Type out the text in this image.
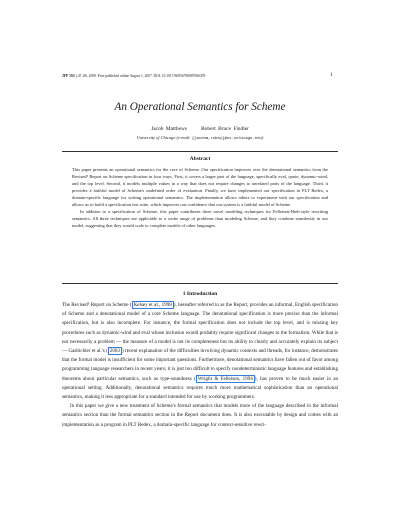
JFP 19(1):47–86, 2008. First published online August 1, 2007. DOI: 10.1017/S0956796807006478	1
An Operational Semantics for Scheme
Jacob Matthews	Robert Bruce Findler
University of Chicago (e-mail: {jacobm,robby}@cs.uchicago.edu)
Abstract

This paper presents an operational semantics for the core of Scheme. Our specification improves over the denotational semantics from the Revised⁵ Report on Scheme specification in four ways. First, it covers a larger part of the language, specifically eval, quote, dynamic-wind, and the top level. Second, it models multiple values in a way that does not require changes to unrelated parts of the language. Third, it provides a faithful model of Scheme's undefined order of evaluation. Finally, we have implemented our specification in PLT Redex, a domain-specific language for writing operational semantics. The implementation allows others to experiment with our specification and allows us to build a specification test suite, which improves our confidence that our system is a faithful model of Scheme.

In addition to a specification of Scheme, this paper contributes three novel modeling techniques for Felleisen-Hieb-style rewriting semantics. All three techniques are applicable to a wider range of problems than modeling Scheme, and they combine seamlessly in our model, suggesting that they would scale to complete models of other languages.

1 Introduction

The Revised⁵ Report on Scheme ( Kelsey et al., 1998 ), hereafter referred to as the Report, provides an informal, English specification of Scheme and a denotational model of a core Scheme language. The denotational specification is more precise than the informal specification, but is also incomplete. For instance, the formal specification does not include the top level, and is missing key procedures such as dynamic-wind and eval whose inclusion would probably require significant changes to the formalism. While that is not necessarily a problem — the measure of a model is not its completeness but its ability to clearly and accurately explain its subject — Gasbichler et al.'s ( 2003 ) recent explanation of the difficulties involving dynamic contexts and threads, for instance, demonstrates that the formal model is insufficient for some important questions. Furthermore, denotational semantics have fallen out of favor among programming language researchers in recent years; it is just too difficult to specify nondeterministic language features and establishing theorems about particular semantics, such as type-soundness ( Wright & Felleisen, 1994 ), has proven to be much easier in an operational setting. Additionally, denotational semantics requires much more mathematical sophistication than an operational semantics, making it less appropriate for a standard intended for use by working programmers.

In this paper we give a new treatment of Scheme's formal semantics that models more of the language described in the informal semantics section than the formal semantics section in the Report document does. It is also executable by design and comes with an implementation as a program in PLT Redex, a domain-specific language for context-sensitive rewri-
